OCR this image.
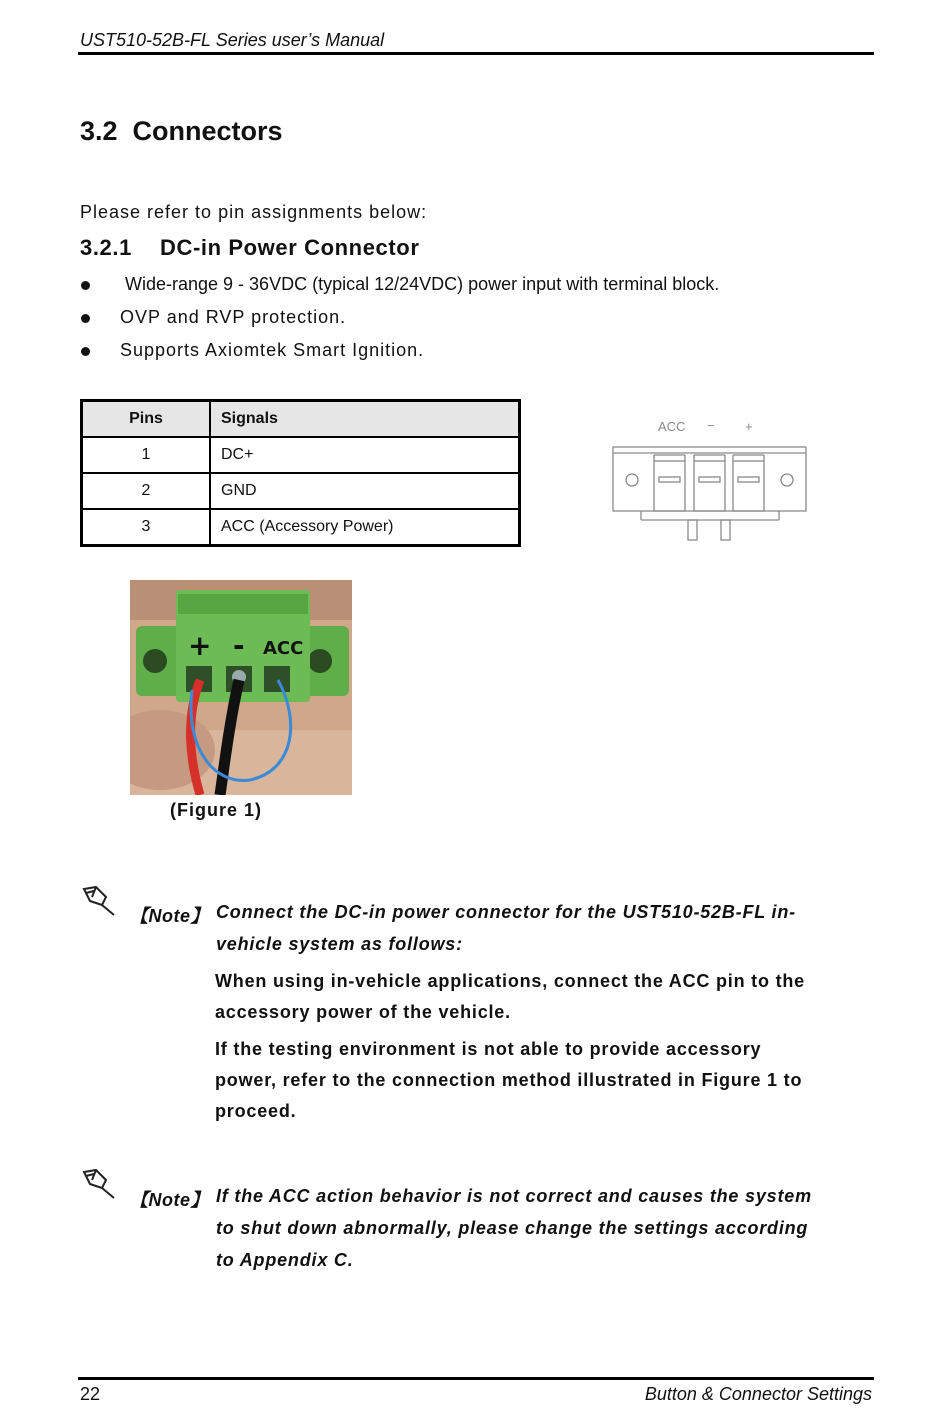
UST510-52B-FL Series user’s Manual
3.2  Connectors
Please refer to pin assignments below:
3.2.1 DC-in Power Connector
Wide-range 9 - 36VDC (typical 12/24VDC) power input with terminal block.
OVP and RVP protection.
Supports Axiomtek Smart Ignition.
Pins	Signals
1	DC+
2	GND
3	ACC (Accessory Power)
ACC − +
+ - ACC
(Figure 1)
【Note】 Connect the DC-in power connector for the UST510-52B-FL in-
vehicle system as follows:
When using in-vehicle applications, connect the ACC pin to the
accessory power of the vehicle.
If the testing environment is not able to provide accessory
power, refer to the connection method illustrated in Figure 1 to
proceed.
【Note】 If the ACC action behavior is not correct and causes the system
to shut down abnormally, please change the settings according
to Appendix C.
22	Button & Connector Settings
